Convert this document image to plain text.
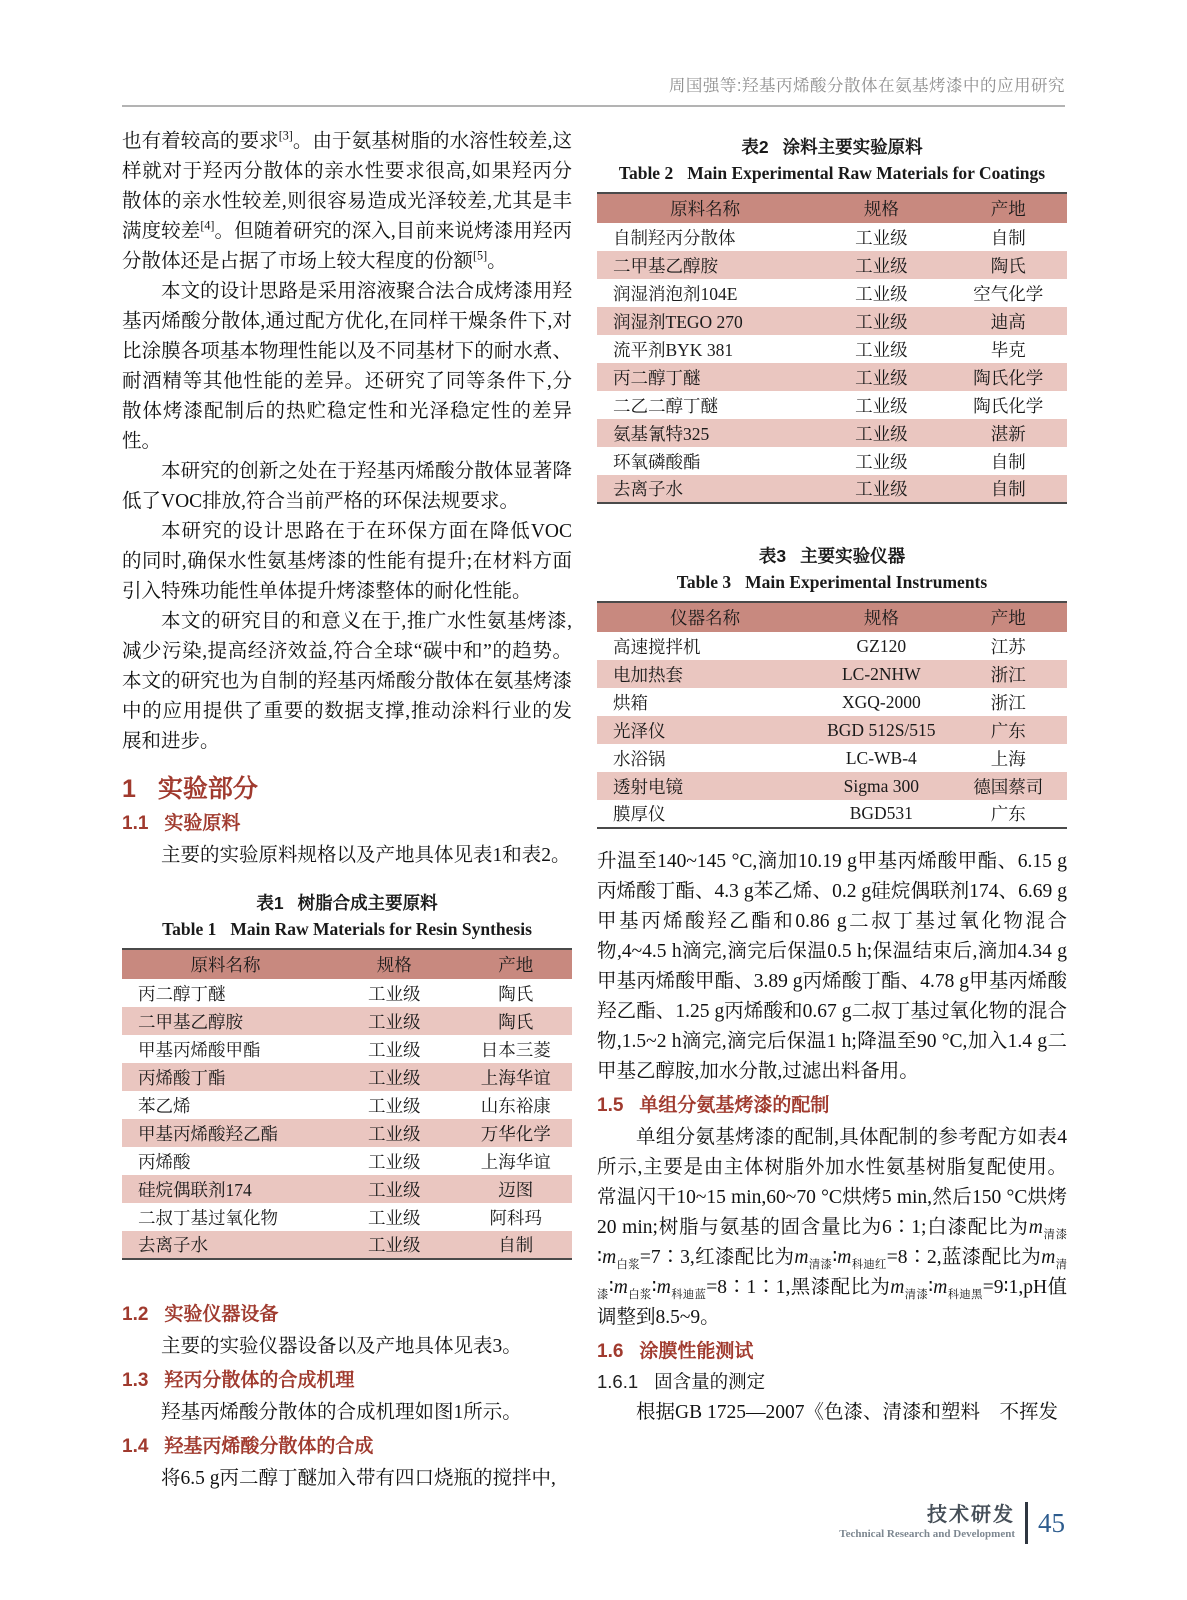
周国强等:羟基丙烯酸分散体在氨基烤漆中的应用研究

也有着较高的要求[3]。由于氨基树脂的水溶性较差,这样就对于羟丙分散体的亲水性要求很高,如果羟丙分散体的亲水性较差,则很容易造成光泽较差,尤其是丰满度较差[4]。但随着研究的深入,目前来说烤漆用羟丙分散体还是占据了市场上较大程度的份额[5]。

本文的设计思路是采用溶液聚合法合成烤漆用羟基丙烯酸分散体,通过配方优化,在同样干燥条件下,对比涂膜各项基本物理性能以及不同基材下的耐水煮、耐酒精等其他性能的差异。还研究了同等条件下,分散体烤漆配制后的热贮稳定性和光泽稳定性的差异性。

本研究的创新之处在于羟基丙烯酸分散体显著降低了VOC排放,符合当前严格的环保法规要求。

本研究的设计思路在于在环保方面在降低VOC的同时,确保水性氨基烤漆的性能有提升;在材料方面引入特殊功能性单体提升烤漆整体的耐化性能。

本文的研究目的和意义在于,推广水性氨基烤漆,减少污染,提高经济效益,符合全球“碳中和”的趋势。本文的研究也为自制的羟基丙烯酸分散体在氨基烤漆中的应用提供了重要的数据支撑,推动涂料行业的发展和进步。

1 实验部分
1.1 实验原料

主要的实验原料规格以及产地具体见表1和表2。

表1 树脂合成主要原料
Table 1 Main Raw Materials for Resin Synthesis
原料名称	规格	产地
丙二醇丁醚	工业级	陶氏
二甲基乙醇胺	工业级	陶氏
甲基丙烯酸甲酯	工业级	日本三菱
丙烯酸丁酯	工业级	上海华谊
苯乙烯	工业级	山东裕康
甲基丙烯酸羟乙酯	工业级	万华化学
丙烯酸	工业级	上海华谊
硅烷偶联剂174	工业级	迈图
二叔丁基过氧化物	工业级	阿科玛
去离子水	工业级	自制
1.2 实验仪器设备

主要的实验仪器设备以及产地具体见表3。

1.3 羟丙分散体的合成机理

羟基丙烯酸分散体的合成机理如图1所示。

1.4 羟基丙烯酸分散体的合成

将6.5 g丙二醇丁醚加入带有四口烧瓶的搅拌中,

表2 涂料主要实验原料
Table 2 Main Experimental Raw Materials for Coatings
原料名称	规格	产地
自制羟丙分散体	工业级	自制
二甲基乙醇胺	工业级	陶氏
润湿消泡剂104E	工业级	空气化学
润湿剂TEGO 270	工业级	迪高
流平剂BYK 381	工业级	毕克
丙二醇丁醚	工业级	陶氏化学
二乙二醇丁醚	工业级	陶氏化学
氨基氰特325	工业级	湛新
环氧磷酸酯	工业级	自制
去离子水	工业级	自制
表3 主要实验仪器
Table 3 Main Experimental Instruments
仪器名称	规格	产地
高速搅拌机	GZ120	江苏
电加热套	LC-2NHW	浙江
烘箱	XGQ-2000	浙江
光泽仪	BGD 512S/515	广东
水浴锅	LC-WB-4	上海
透射电镜	Sigma 300	德国蔡司
膜厚仪	BGD531	广东

升温至140~145 °C,滴加10.19 g甲基丙烯酸甲酯、6.15 g丙烯酸丁酯、4.3 g苯乙烯、0.2 g硅烷偶联剂174、6.69 g甲基丙烯酸羟乙酯和0.86 g二叔丁基过氧化物混合物,4~4.5 h滴完,滴完后保温0.5 h;保温结束后,滴加4.34 g甲基丙烯酸甲酯、3.89 g丙烯酸丁酯、4.78 g甲基丙烯酸羟乙酯、1.25 g丙烯酸和0.67 g二叔丁基过氧化物的混合物,1.5~2 h滴完,滴完后保温1 h;降温至90 °C,加入1.4 g二甲基乙醇胺,加水分散,过滤出料备用。

1.5 单组分氨基烤漆的配制

单组分氨基烤漆的配制,具体配制的参考配方如表4所示,主要是由主体树脂外加水性氨基树脂复配使用。常温闪干10~15 min,60~70 °C烘烤5 min,然后150 °C烘烤20 min;树脂与氨基的固含量比为6∶1;白漆配比为$m_{清漆}∶m_{白浆}=7∶3$,红漆配比为$m_{清漆}∶m_{科迪红}=8∶2$,蓝漆配比为$m_{清漆}∶m_{白浆}∶m_{科迪蓝}=8∶1∶1$,黑漆配比为$m_{清漆}∶m_{科迪黑}=9∶1,pH$值调整到8.5~9。

1.6 涂膜性能测试
1.6.1 固含量的测定

根据GB 1725—2007《色漆、清漆和塑料　不挥发

技术研发
Technical Research and Development 45
